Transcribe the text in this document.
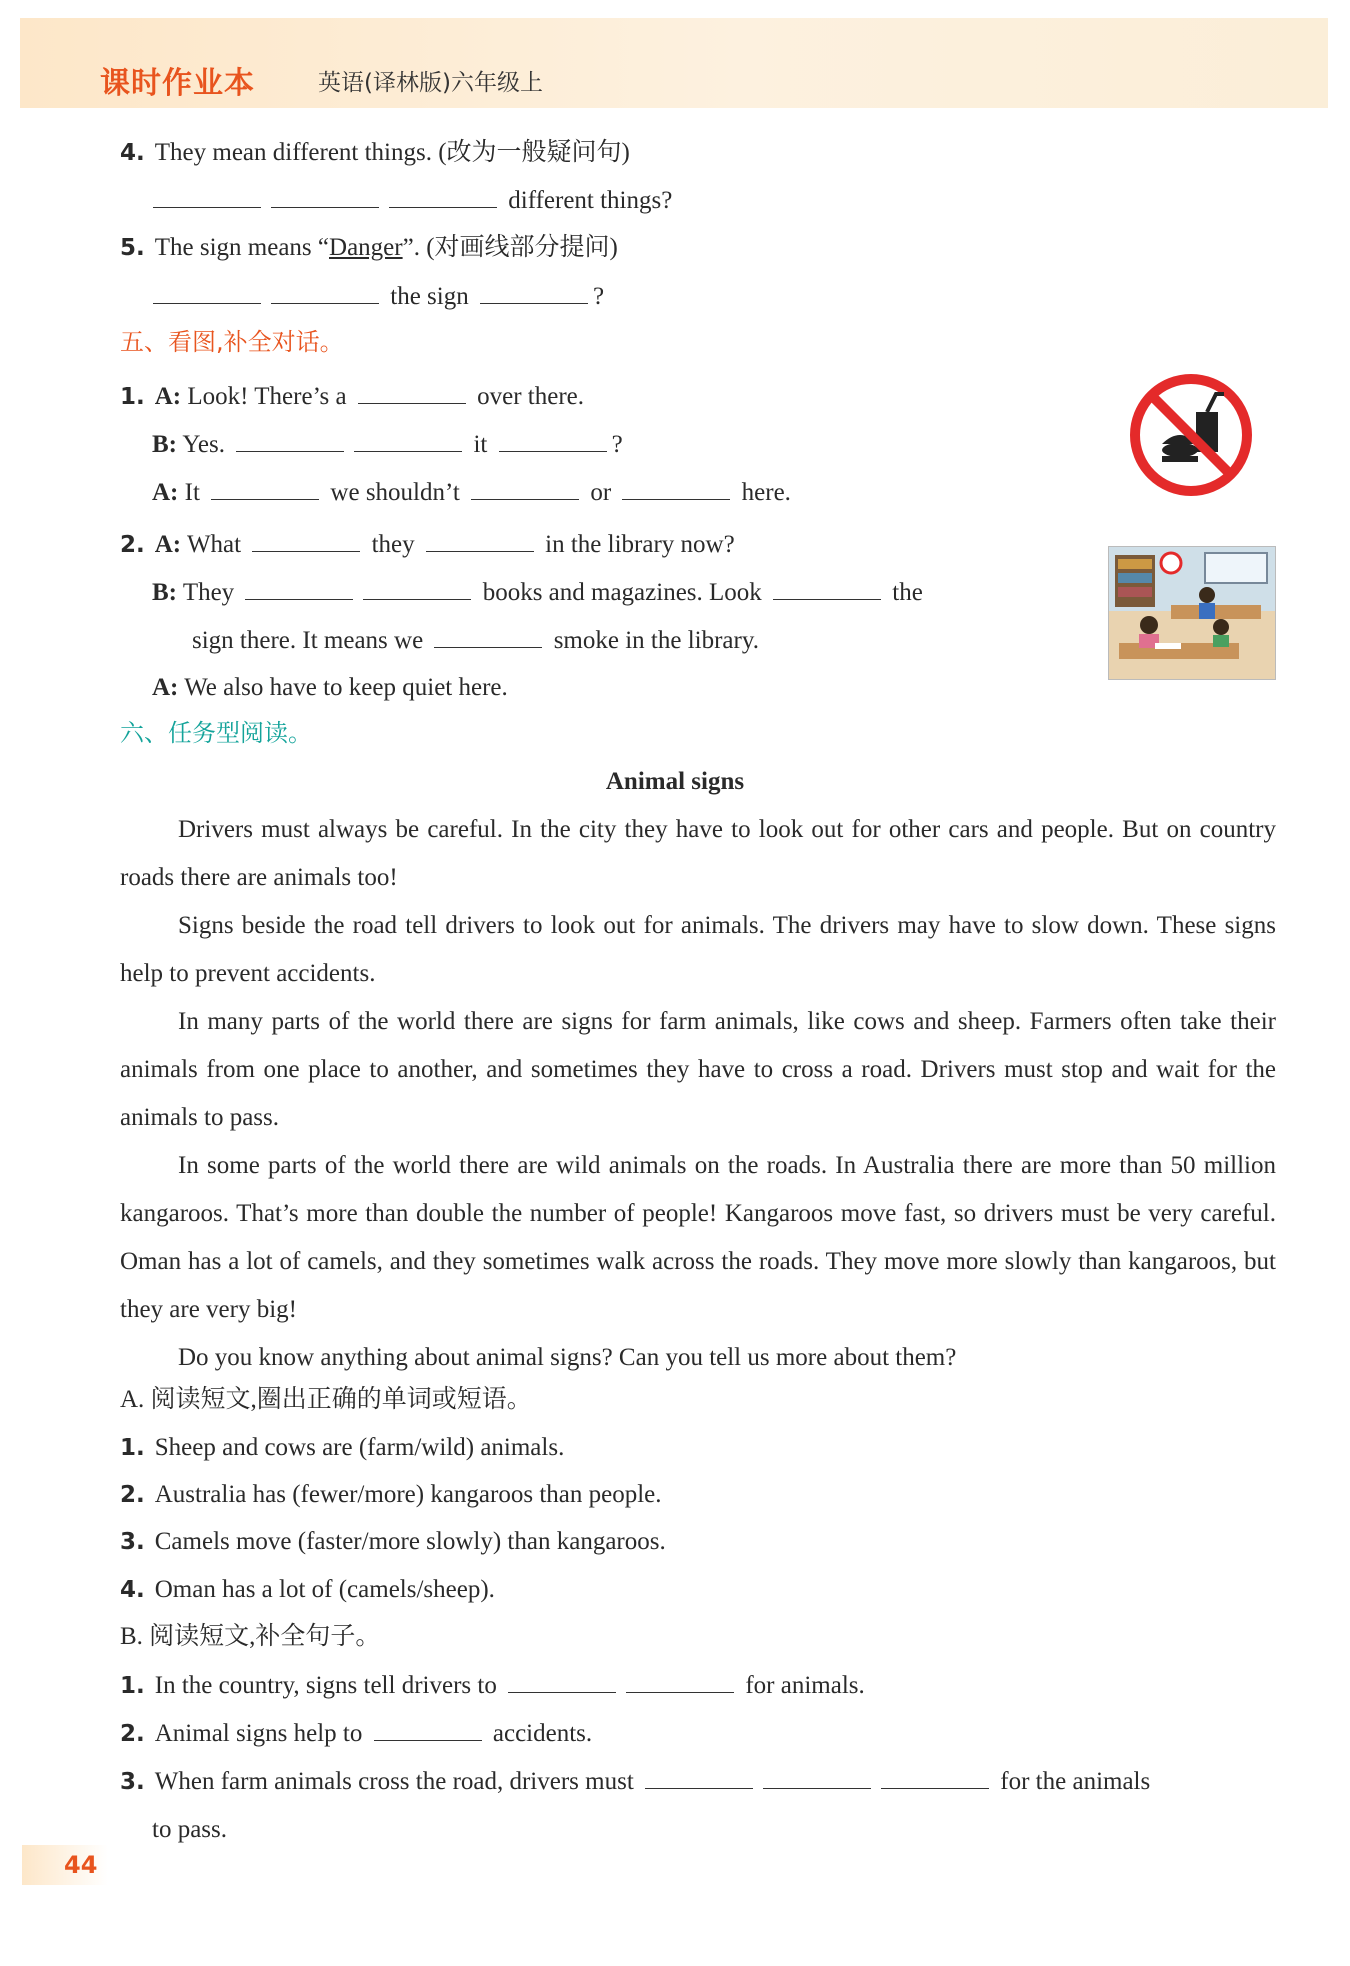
课时作业本	英语(译林版)六年级上
4. They mean different things. (改为一般疑问句)
different things?
5. The sign means “Danger”. (对画线部分提问)
the sign	?
五、看图,补全对话。
1. A: Look! There’s a	over there.
B: Yes.	it	?
A: It	we shouldn’t	or	here.
2. A: What	they	in the library now?
B: They	books and magazines. Look	the
sign there. It means we	smoke in the library.
A: We also have to keep quiet here.
六、任务型阅读。
Animal signs
Drivers must always be careful. In the city they have to look out for other cars and people. But on country roads there are animals too!
Signs beside the road tell drivers to look out for animals. The drivers may have to slow down. These signs help to prevent accidents.
In many parts of the world there are signs for farm animals, like cows and sheep. Farmers often take their animals from one place to another, and sometimes they have to cross a road. Drivers must stop and wait for the animals to pass.
In some parts of the world there are wild animals on the roads. In Australia there are more than 50 million kangaroos. That’s more than double the number of people! Kangaroos move fast, so drivers must be very careful. Oman has a lot of camels, and they sometimes walk across the roads. They move more slowly than kangaroos, but they are very big!
Do you know anything about animal signs? Can you tell us more about them?
A. 阅读短文,圈出正确的单词或短语。
1. Sheep and cows are (farm/wild) animals.
2. Australia has (fewer/more) kangaroos than people.
3. Camels move (faster/more slowly) than kangaroos.
4. Oman has a lot of (camels/sheep).
B. 阅读短文,补全句子。
1. In the country, signs tell drivers to	for animals.
2. Animal signs help to	accidents.
3. When farm animals cross the road, drivers must	for the animals
to pass.
44
